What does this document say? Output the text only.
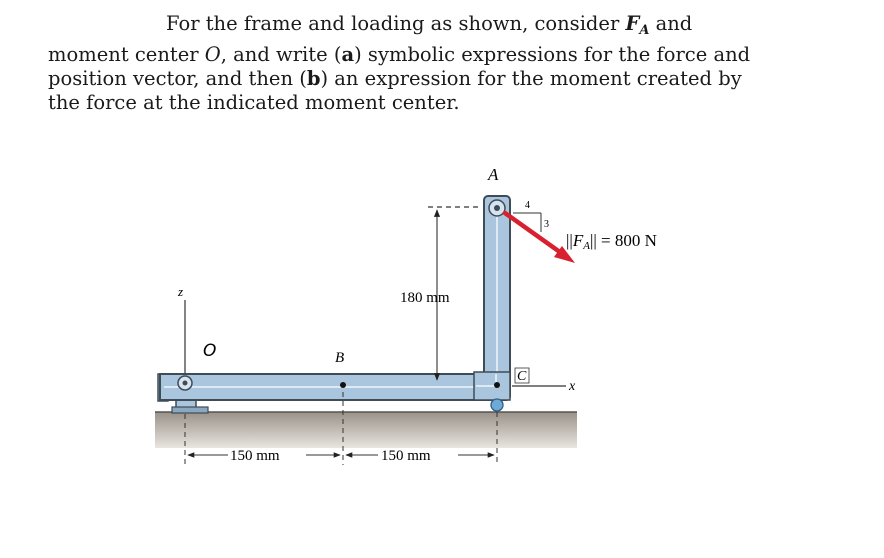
For the frame and loading as shown, consider $F_A$ and
moment center O, and write (a) symbolic expressions for the force and
position vector, and then (b) an expression for the moment created by
the force at the indicated moment center.

z
A
B
C
O
x
180 mm
150 mm	150 mm
4
3
||FA|| = 800 N
